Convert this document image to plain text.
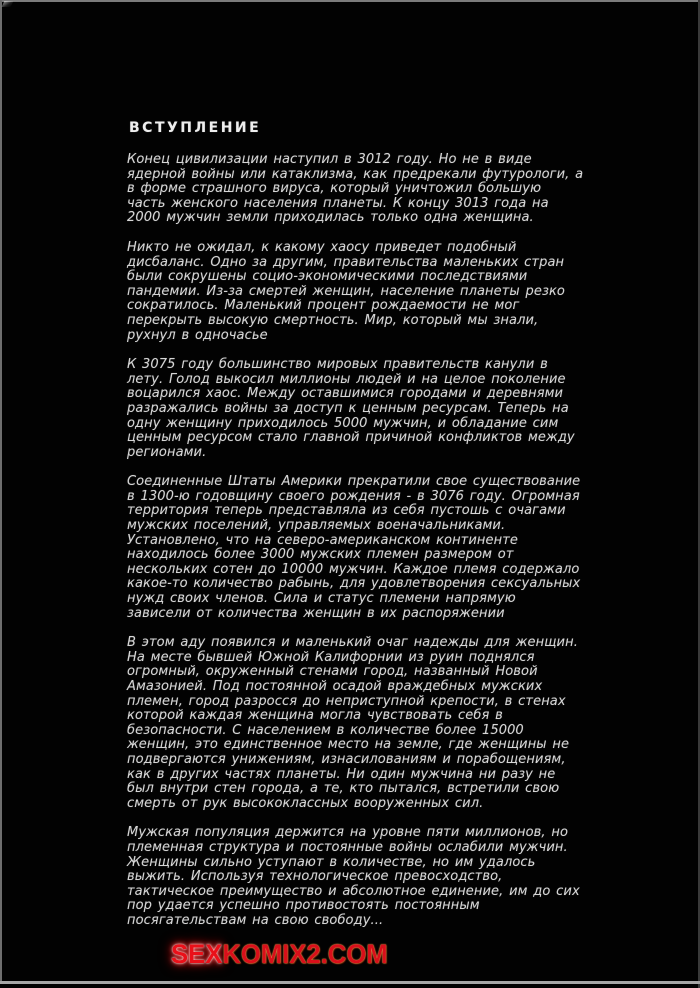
ВСТУПЛЕНИЕ

Конец цивилизации наступил в 3012 году. Но не в виде ядерной войны или катаклизма, как предрекали футурологи, а в форме страшного вируса, который уничтожил большую часть женского населения планеты. К концу 3013 года на 2000 мужчин земли приходилась только одна женщина.

Никто не ожидал, к какому хаосу приведет подобный дисбаланс. Одно за другим, правительства маленьких стран были сокрушены социо-экономическими последствиями пандемии. Из-за смертей женщин, население планеты резко сократилось. Маленький процент рождаемости не мог перекрыть высокую смертность. Мир, который мы знали, рухнул в одночасье

К 3075 году большинство мировых правительств канули в лету. Голод выкосил миллионы людей и на целое поколение воцарился хаос. Между оставшимися городами и деревнями разражались войны за доступ к ценным ресурсам. Теперь на одну женщину приходилось 5000 мужчин, и обладание сим ценным ресурсом стало главной причиной конфликтов между регионами.

Соединенные Штаты Америки прекратили свое существование в 1300-ю годовщину своего рождения - в 3076 году. Огромная территория теперь представляла из себя пустошь с очагами мужских поселений, управляемых военачальниками. Установлено, что на северо-американском континенте находилось более 3000 мужских племен размером от нескольких сотен до 10000 мужчин. Каждое племя содержало какое-то количество рабынь, для удовлетворения сексуальных нужд своих членов. Сила и статус племени напрямую зависели от количества женщин в их распоряжении

В этом аду появился и маленький очаг надежды для женщин. На месте бывшей Южной Калифорнии из руин поднялся огромный, окруженный стенами город, названный Новой Амазонией. Под постоянной осадой враждебных мужских племен, город разросся до неприступной крепости, в стенах которой каждая женщина могла чувствовать себя в безопасности. С населением в количестве более 15000 женщин, это единственное место на земле, где женщины не подвергаются унижениям, изнасилованиям и порабощениям, как в других частях планеты. Ни один мужчина ни разу не был внутри стен города, а те, кто пытался, встретили свою смерть от рук высококлассных вооруженных сил.

Мужская популяция держится на уровне пяти миллионов, но племенная структура и постоянные войны ослабили мужчин. Женщины сильно уступают в количестве, но им удалось выжить. Используя технологическое превосходство, тактическое преимущество и абсолютное единение, им до сих пор удается успешно противостоять постоянным посягательствам на свою свободу...

SEXKOMIX2.COM
